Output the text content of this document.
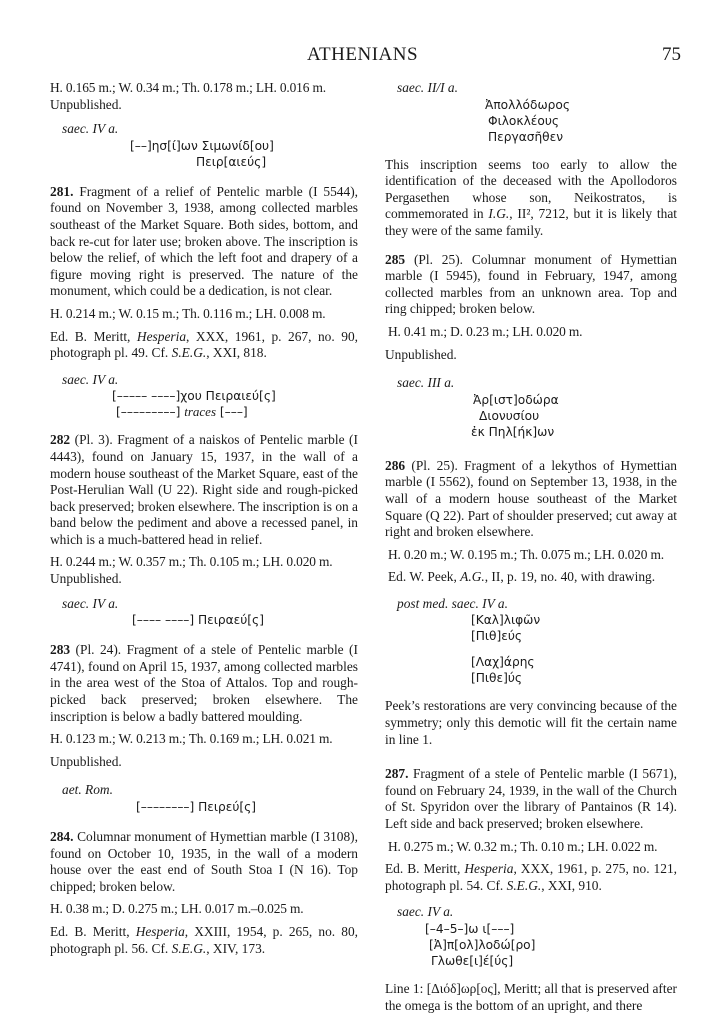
ATHENIANS	75
H. 0.165 m.; W. 0.34 m.; Th. 0.178 m.; LH. 0.016 m.
Unpublished.
saec. IV a.
[––]ησ[ί]ων Σιμωνίδ[ου]
Πειρ[αιεύς]

281. Fragment of a relief of Pentelic marble (I 5544), found on November 3, 1938, among collected marbles southeast of the Market Square. Both sides, bottom, and back re-cut for later use; broken above. The inscription is below the relief, of which the left foot and drapery of a figure moving right is preserved. The nature of the monument, which could be a dedication, is not clear.

H. 0.214 m.; W. 0.15 m.; Th. 0.116 m.; LH. 0.008 m.

Ed. B. Meritt, Hesperia, XXX, 1961, p. 267, no. 90, photograph pl. 49. Cf. S.E.G., XXI, 818.

saec. IV a.
[––––– ––––]χου Πειραιεύ[ς]
[–––––––––] traces [–––]

282 (Pl. 3). Fragment of a naiskos of Pentelic marble (I 4443), found on January 15, 1937, in the wall of a modern house southeast of the Market Square, east of the Post-Herulian Wall (U 22). Right side and rough-picked back preserved; broken elsewhere. The inscription is on a band below the pediment and above a recessed panel, in which is a much-battered head in relief.

H. 0.244 m.; W. 0.357 m.; Th. 0.105 m.; LH. 0.020 m.
Unpublished.
saec. IV a.
[–––– ––––] Πειραεύ[ς]

283 (Pl. 24). Fragment of a stele of Pentelic marble (I 4741), found on April 15, 1937, among collected marbles in the area west of the Stoa of Attalos. Top and rough-picked back preserved; broken elsewhere. The inscription is below a badly battered moulding.

H. 0.123 m.; W. 0.213 m.; Th. 0.169 m.; LH. 0.021 m.
Unpublished.
aet. Rom.
[––––––––] Πειρεύ[ς]

284. Columnar monument of Hymettian marble (I 3108), found on October 10, 1935, in the wall of a modern house over the east end of South Stoa I (N 16). Top chipped; broken below.

H. 0.38 m.; D. 0.275 m.; LH. 0.017 m.–0.025 m.

Ed. B. Meritt, Hesperia, XXIII, 1954, p. 265, no. 80, photograph pl. 56. Cf. S.E.G., XIV, 173.

saec. II/I a.
Ἀπολλόδωρος
Φιλοκλέους
Περγασῆθεν

This inscription seems too early to allow the identification of the deceased with the Apollodoros Pergasethen whose son, Neikostratos, is commemorated in I.G., II², 7212, but it is likely that they were of the same family.

285 (Pl. 25). Columnar monument of Hymettian marble (I 5945), found in February, 1947, among collected marbles from an unknown area. Top and ring chipped; broken below.

H. 0.41 m.; D. 0.23 m.; LH. 0.020 m.
Unpublished.
saec. III a.
Ἀρ[ιστ]οδώρα
Διονυσίου
ἐκ Πηλ[ήκ]ων

286 (Pl. 25). Fragment of a lekythos of Hymettian marble (I 5562), found on September 13, 1938, in the wall of a modern house southeast of the Market Square (Q 22). Part of shoulder preserved; cut away at right and broken elsewhere.

H. 0.20 m.; W. 0.195 m.; Th. 0.075 m.; LH. 0.020 m.
Ed. W. Peek, A.G., II, p. 19, no. 40, with drawing.
post med. saec. IV a.
[Καλ]λιφῶν
[Πιθ]εύς
[Λαχ]άρης
[Πιθε]ύς

Peek’s restorations are very convincing because of the symmetry; only this demotic will fit the certain name in line 1.

287. Fragment of a stele of Pentelic marble (I 5671), found on February 24, 1939, in the wall of the Church of St. Spyridon over the library of Pantainos (R 14). Left side and back preserved; broken elsewhere.

H. 0.275 m.; W. 0.32 m.; Th. 0.10 m.; LH. 0.022 m.

Ed. B. Meritt, Hesperia, XXX, 1961, p. 275, no. 121, photograph pl. 54. Cf. S.E.G., XXI, 910.

saec. IV a.
[–4–5–]ω ι[–––]
[Ἀ]π[ολ]λοδώ[ρο]
Γλωθε[ι]έ[ύς]

Line 1: [Διόδ]ωρ[ος], Meritt; all that is preserved after the omega is the bottom of an upright, and there
